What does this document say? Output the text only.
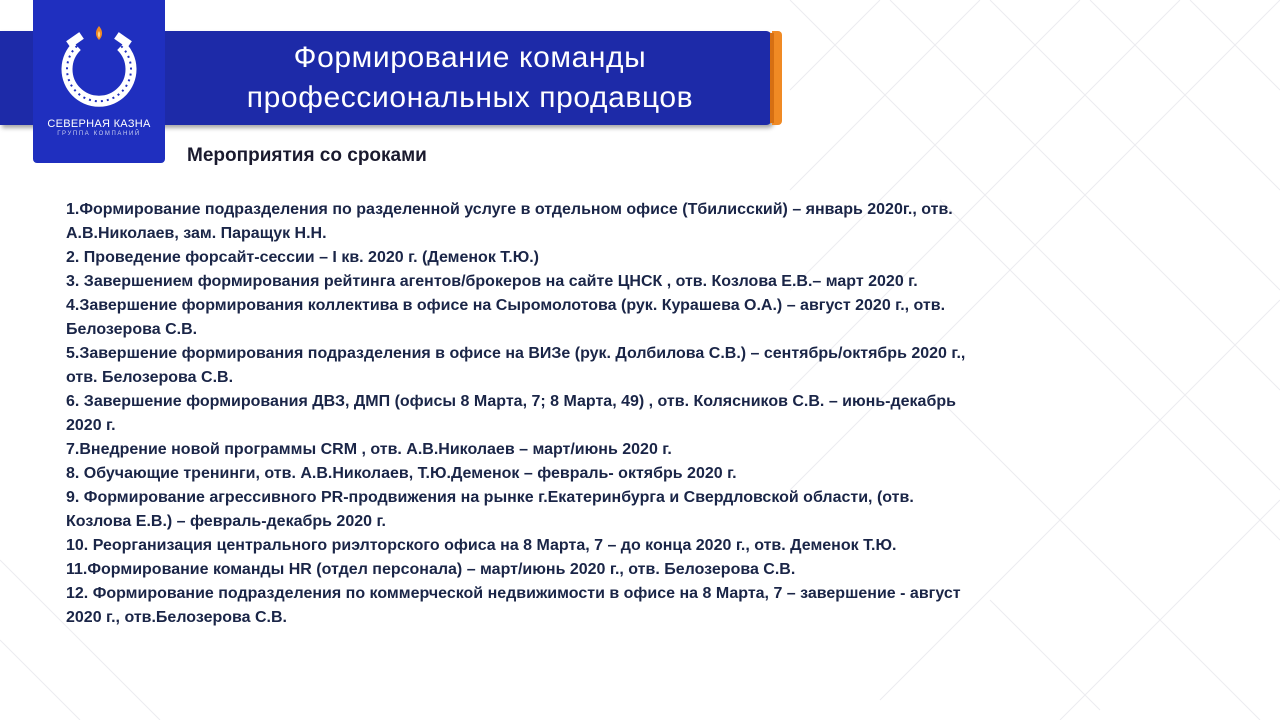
Формирование команды профессиональных продавцов
СЕВЕРНАЯ КАЗНА
ГРУППА КОМПАНИЙ
Мероприятия со сроками
1.Формирование подразделения по разделенной услуге в отдельном офисе (Тбилисский) – январь 2020г., отв. А.В.Николаев, зам. Паращук Н.Н.
2. Проведение форсайт-сессии – I кв. 2020 г. (Деменок Т.Ю.)
3. Завершением формирования рейтинга агентов/брокеров на сайте ЦНСК , отв. Козлова Е.В.– март 2020 г.
4.Завершение формирования коллектива в офисе на Сыромолотова (рук. Курашева О.А.) – август 2020 г., отв. Белозерова С.В.
5.Завершение формирования подразделения в офисе на ВИЗе (рук. Долбилова С.В.) – сентябрь/октябрь 2020 г., отв. Белозерова С.В.
6. Завершение формирования ДВЗ, ДМП (офисы 8 Марта, 7; 8 Марта, 49) , отв. Колясников С.В. – июнь-декабрь 2020 г.
7.Внедрение новой программы CRM , отв. А.В.Николаев – март/июнь 2020 г.
8. Обучающие тренинги, отв. А.В.Николаев, Т.Ю.Деменок – февраль- октябрь 2020 г.
9. Формирование агрессивного PR-продвижения на рынке г.Екатеринбурга и Свердловской области, (отв. Козлова Е.В.) – февраль-декабрь 2020 г.
10. Реорганизация центрального риэлторского офиса на 8 Марта, 7 – до конца 2020 г., отв. Деменок Т.Ю.
11.Формирование команды HR (отдел персонала) – март/июнь 2020 г., отв. Белозерова С.В.
12. Формирование подразделения по коммерческой недвижимости в офисе на 8 Марта, 7 – завершение - август 2020 г., отв.Белозерова С.В.
